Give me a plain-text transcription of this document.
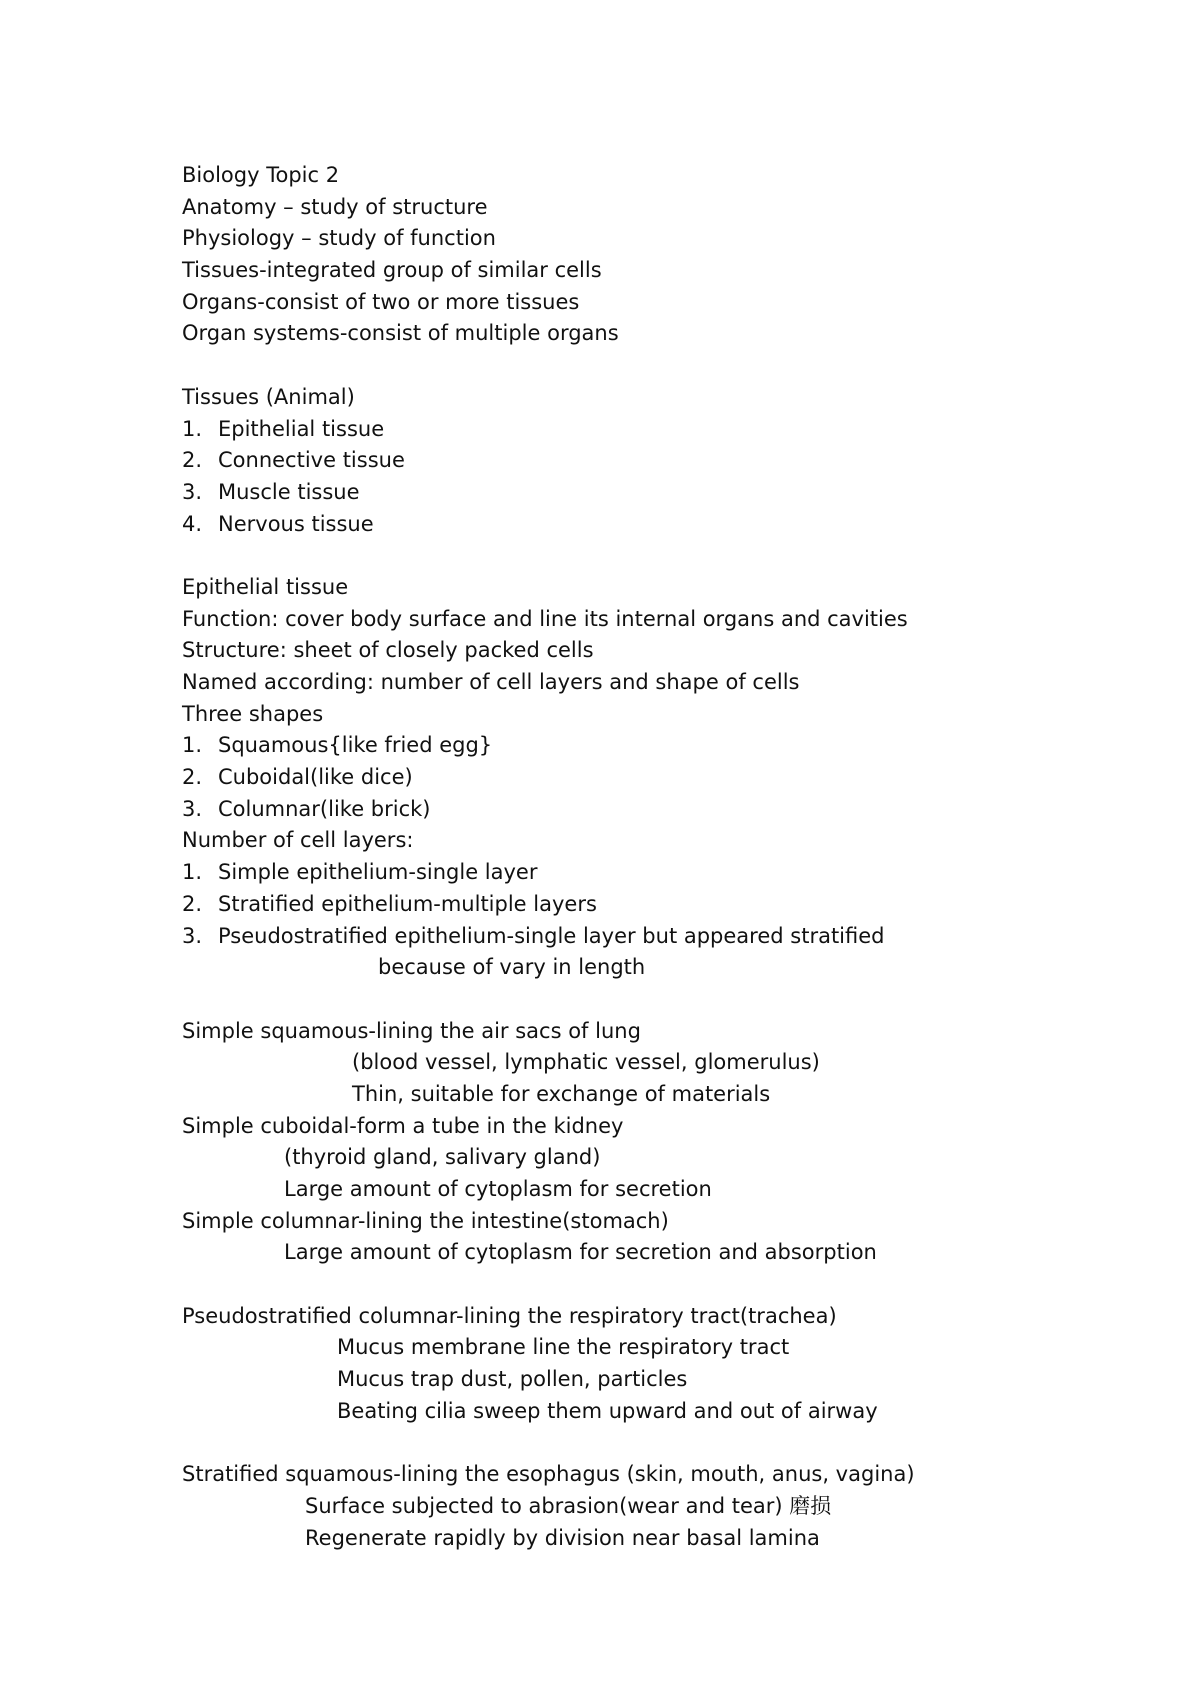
Biology Topic 2
Anatomy – study of structure
Physiology – study of function
Tissues-integrated group of similar cells
Organs-consist of two or more tissues
Organ systems-consist of multiple organs
Tissues (Animal)
1. Epithelial tissue
2. Connective tissue
3. Muscle tissue
4. Nervous tissue
Epithelial tissue
Function: cover body surface and line its internal organs and cavities
Structure: sheet of closely packed cells
Named according: number of cell layers and shape of cells
Three shapes
1. Squamous{like fried egg}
2. Cuboidal(like dice)
3. Columnar(like brick)
Number of cell layers:
1. Simple epithelium-single layer
2. Stratified epithelium-multiple layers
3. Pseudostratified epithelium-single layer but appeared stratified
because of vary in length
Simple squamous-lining the air sacs of lung
(blood vessel, lymphatic vessel, glomerulus)
Thin, suitable for exchange of materials
Simple cuboidal-form a tube in the kidney
(thyroid gland, salivary gland)
Large amount of cytoplasm for secretion
Simple columnar-lining the intestine(stomach)
Large amount of cytoplasm for secretion and absorption
Pseudostratified columnar-lining the respiratory tract(trachea)
Mucus membrane line the respiratory tract
Mucus trap dust, pollen, particles
Beating cilia sweep them upward and out of airway
Stratified squamous-lining the esophagus (skin, mouth, anus, vagina)
Surface subjected to abrasion(wear and tear) 磨损
Regenerate rapidly by division near basal lamina
